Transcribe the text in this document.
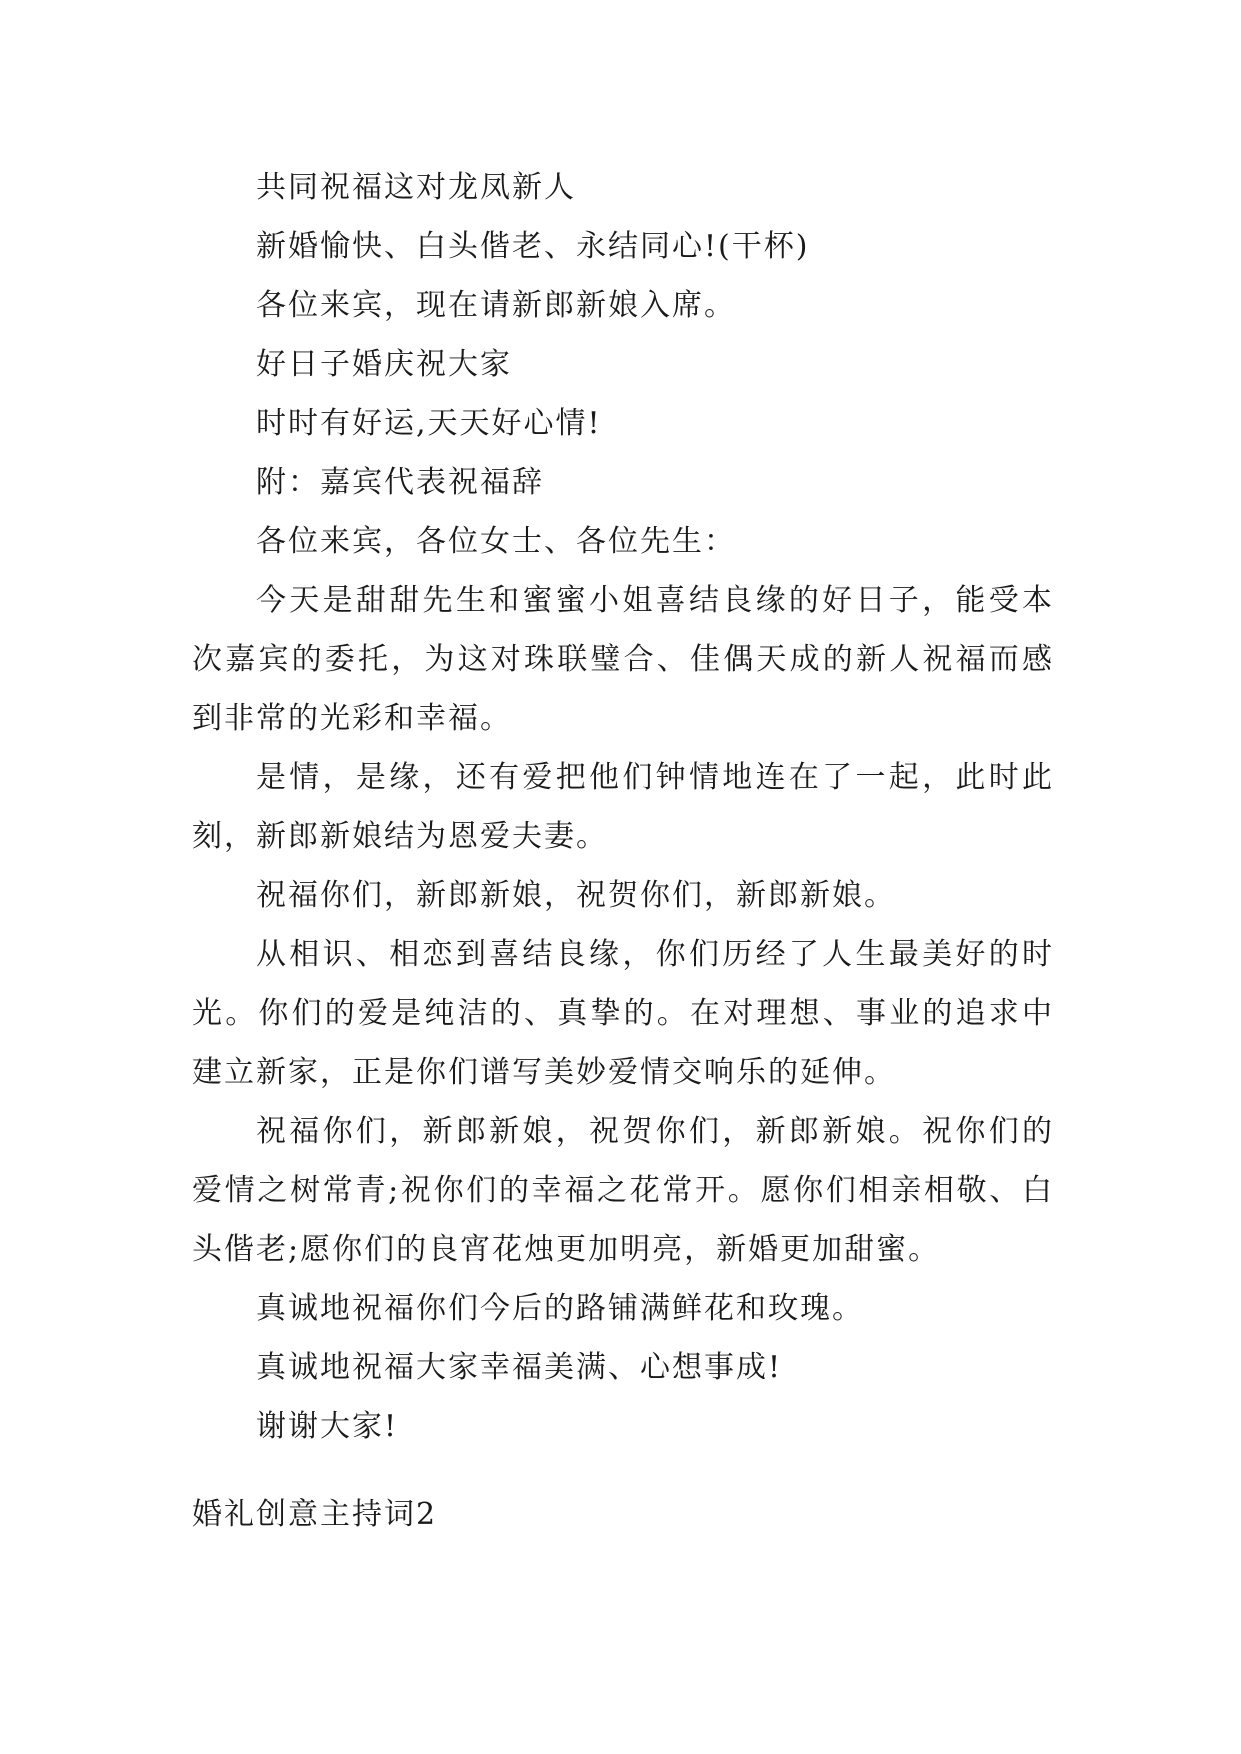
共同祝福这对龙凤新人

新婚愉快、白头偕老、永结同心!(干杯)

各位来宾，现在请新郎新娘入席。

好日子婚庆祝大家

时时有好运,天天好心情!

附：嘉宾代表祝福辞

各位来宾，各位女士、各位先生：

今天是甜甜先生和蜜蜜小姐喜结良缘的好日子，能受本次嘉宾的委托，为这对珠联璧合、佳偶天成的新人祝福而感到非常的光彩和幸福。

是情，是缘，还有爱把他们钟情地连在了一起，此时此刻，新郎新娘结为恩爱夫妻。

祝福你们，新郎新娘，祝贺你们，新郎新娘。

从相识、相恋到喜结良缘，你们历经了人生最美好的时光。你们的爱是纯洁的、真挚的。在对理想、事业的追求中建立新家，正是你们谱写美妙爱情交响乐的延伸。

祝福你们，新郎新娘，祝贺你们，新郎新娘。祝你们的爱情之树常青;祝你们的幸福之花常开。愿你们相亲相敬、白头偕老;愿你们的良宵花烛更加明亮，新婚更加甜蜜。

真诚地祝福你们今后的路铺满鲜花和玫瑰。

真诚地祝福大家幸福美满、心想事成!

谢谢大家!

婚礼创意主持词2
